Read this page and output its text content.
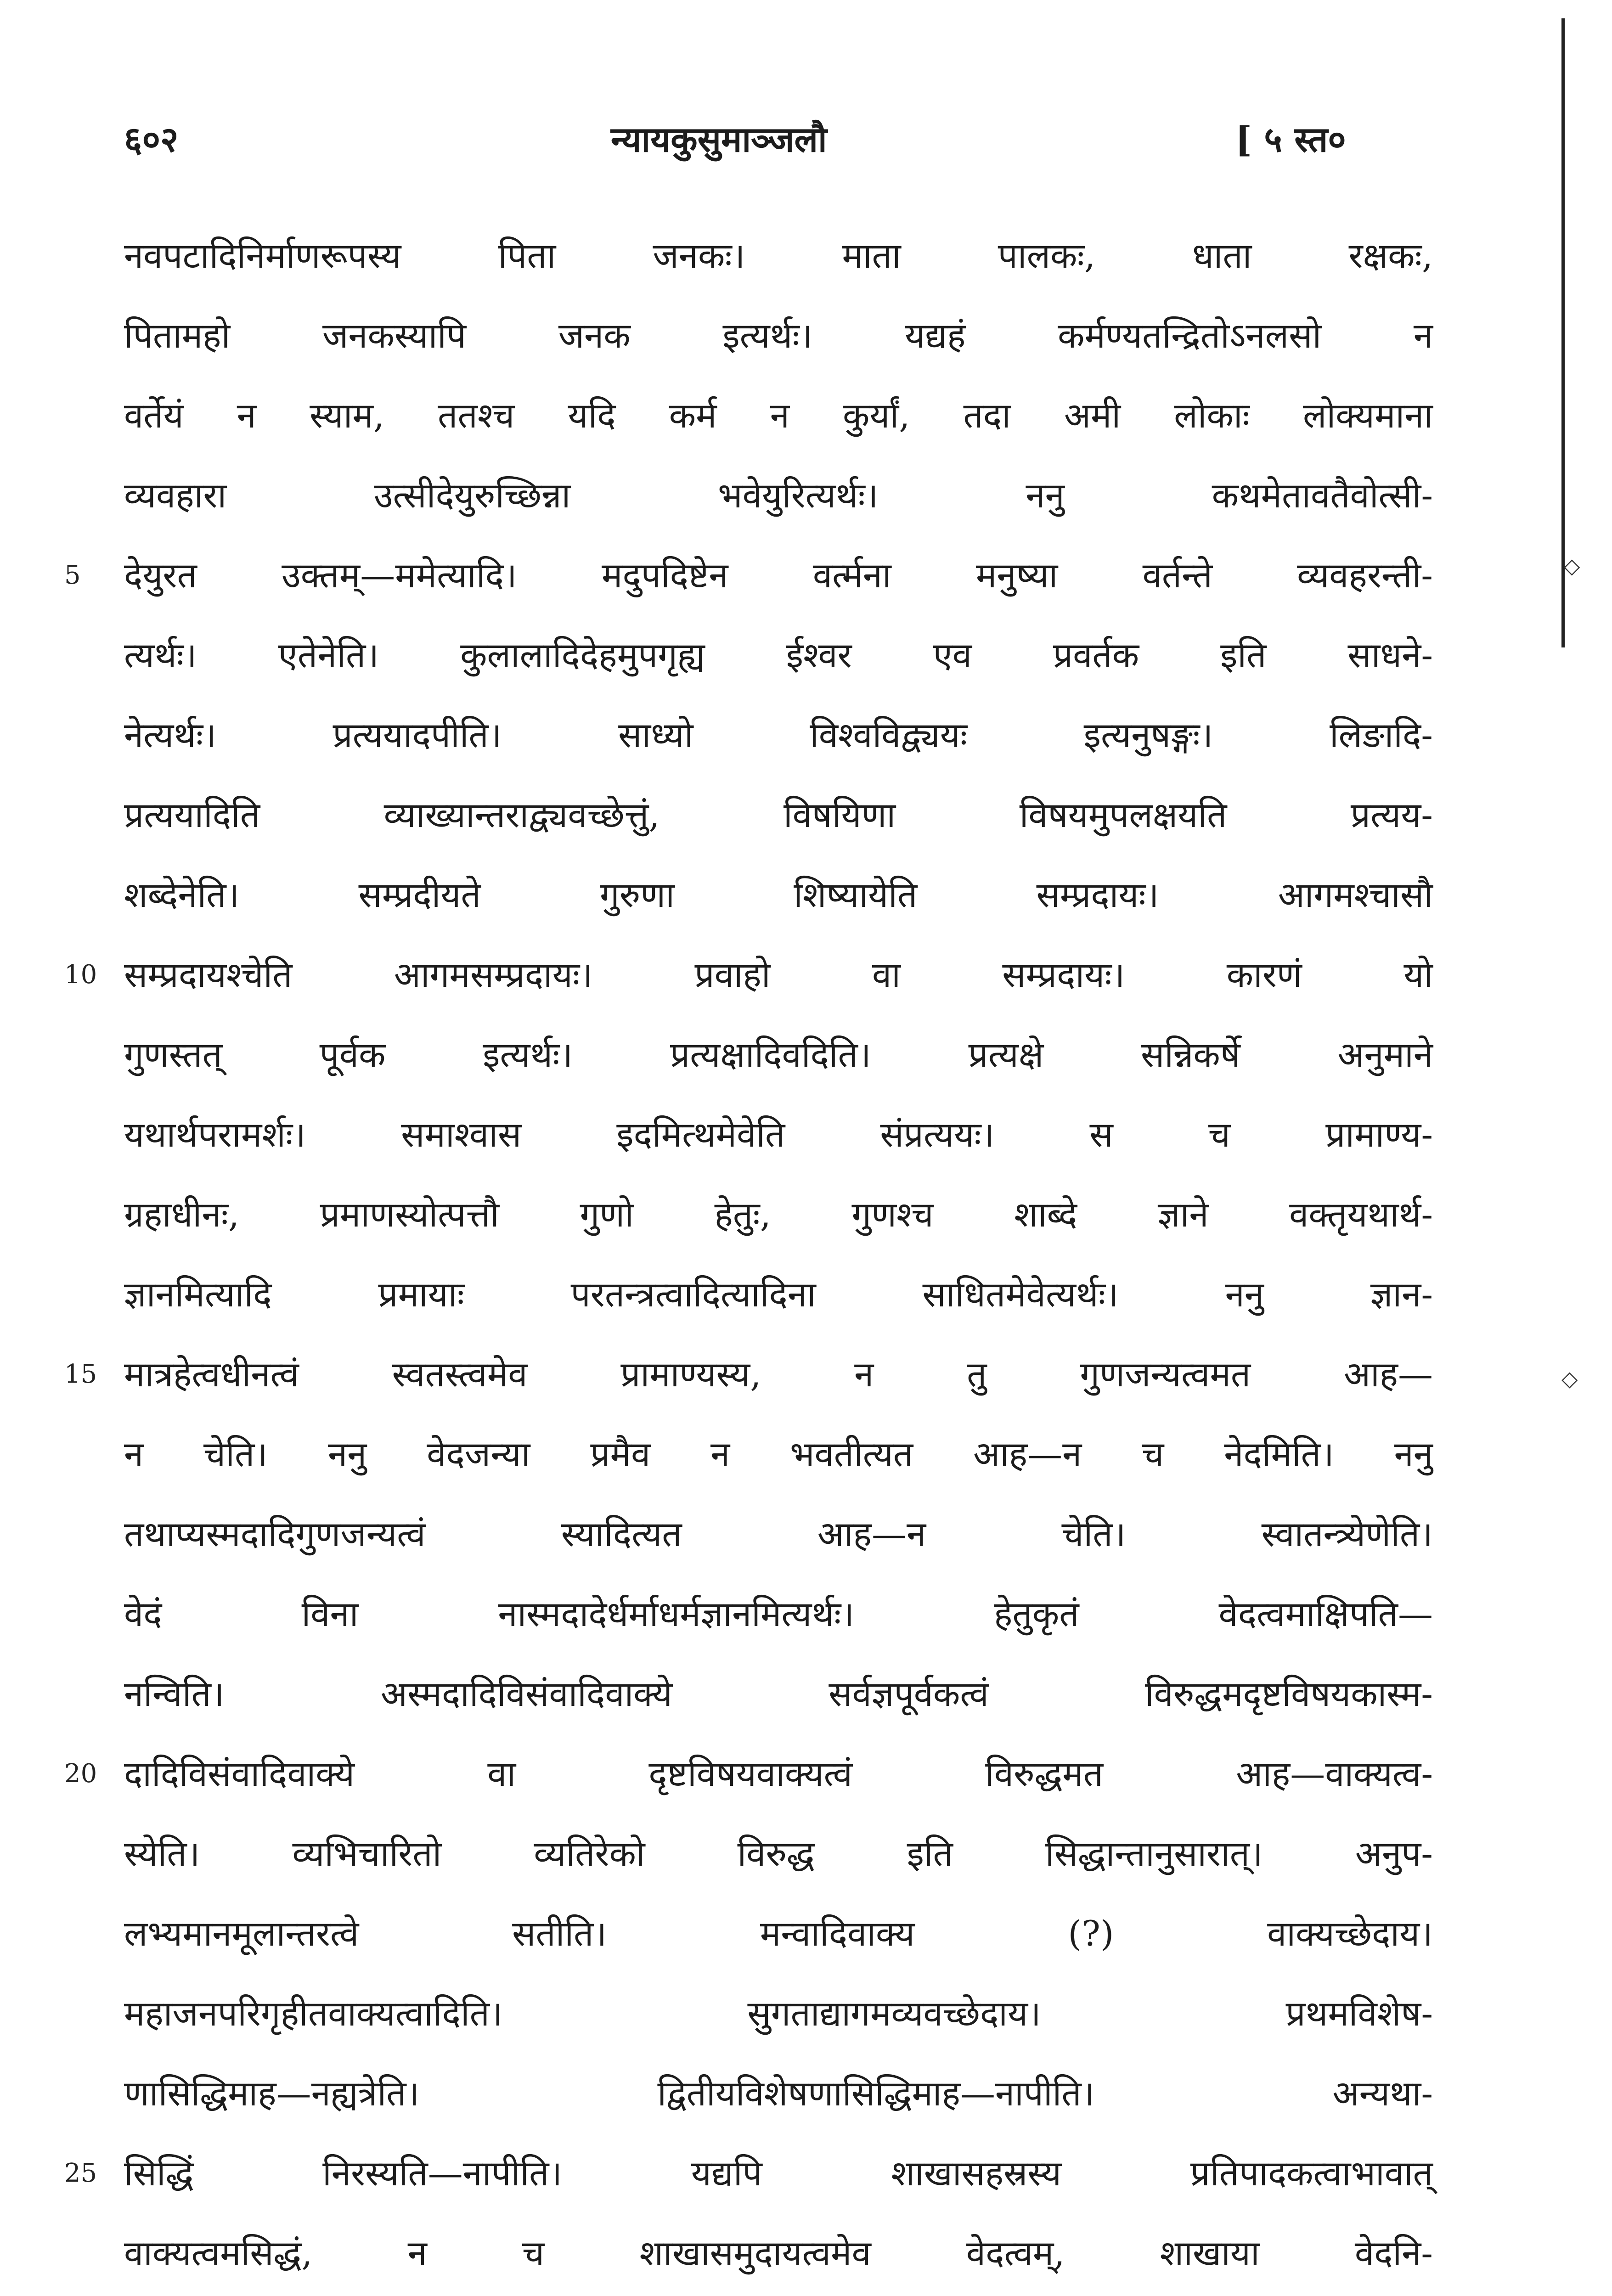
◇
◇
६०२	न्यायकुसुमाञ्जलौ	[ ५ स्त०
नवपटादिनिर्माणरूपस्य पिता जनकः। माता पालकः, धाता रक्षकः,
पितामहो जनकस्यापि जनक इत्यर्थः। यद्यहं कर्मण्यतन्द्रितोऽनलसो न
वर्तेयं न स्याम, ततश्च यदि कर्म न कुर्यां, तदा अमी लोकाः लोक्यमाना
व्यवहारा उत्सीदेयुरुच्छिन्ना भवेयुरित्यर्थः। ननु कथमेतावतैवोत्सी-
5 देयुरत उक्तम्—ममेत्यादि। मदुपदिष्टेन वर्त्मना मनुष्या वर्तन्ते व्यवहरन्ती-
त्यर्थः। एतेनेति। कुलालादिदेहमुपगृह्य ईश्वर एव प्रवर्तक इति साधने-
नेत्यर्थः। प्रत्ययादपीति। साध्यो विश्वविद्व्ययः इत्यनुषङ्गः। लिङादि-
प्रत्ययादिति व्याख्यान्तराद्व्यवच्छेत्तुं, विषयिणा विषयमुपलक्षयति प्रत्यय-
शब्देनेति। सम्प्रदीयते गुरुणा शिष्यायेति सम्प्रदायः। आगमश्चासौ
10 सम्प्रदायश्चेति आगमसम्प्रदायः। प्रवाहो वा सम्प्रदायः। कारणं यो
गुणस्तत् पूर्वक इत्यर्थः। प्रत्यक्षादिवदिति। प्रत्यक्षे सन्निकर्षे अनुमाने
यथार्थपरामर्शः। समाश्वास इदमित्थमेवेति संप्रत्ययः। स च प्रामाण्य-
ग्रहाधीनः, प्रमाणस्योत्पत्तौ गुणो हेतुः, गुणश्च शाब्दे ज्ञाने वक्तृयथार्थ-
ज्ञानमित्यादि प्रमायाः परतन्त्रत्वादित्यादिना साधितमेवेत्यर्थः। ननु ज्ञान-
15 मात्रहेत्वधीनत्वं स्वतस्त्वमेव प्रामाण्यस्य, न तु गुणजन्यत्वमत आह—
न चेति। ननु वेदजन्या प्रमैव न भवतीत्यत आह—न च नेदमिति। ननु
तथाप्यस्मदादिगुणजन्यत्वं स्यादित्यत आह—न चेति। स्वातन्त्र्येणेति।
वेदं विना नास्मदादेर्धर्माधर्मज्ञानमित्यर्थः। हेतुकृतं वेदत्वमाक्षिपति—
नन्विति। अस्मदादिविसंवादिवाक्ये सर्वज्ञपूर्वकत्वं विरुद्धमदृष्टविषयकास्म-
20 दादिविसंवादिवाक्ये वा दृष्टविषयवाक्यत्वं विरुद्धमत आह—वाक्यत्व-
स्येति। व्यभिचारितो व्यतिरेको विरुद्ध इति सिद्धान्तानुसारात्। अनुप-
लभ्यमानमूलान्तरत्वे सतीति। मन्वादिवाक्य (?) वाक्यच्छेदाय।
महाजनपरिगृहीतवाक्यत्वादिति। सुगताद्यागमव्यवच्छेदाय। प्रथमविशेष-
णासिद्धिमाह—नह्यत्रेति। द्वितीयविशेषणासिद्धिमाह—नापीति। अन्यथा-
25 सिद्धिं निरस्यति—नापीति। यद्यपि शाखासहस्रस्य प्रतिपादकत्वाभावात्
वाक्यत्वमसिद्धं, न च शाखासमुदायत्वमेव वेदत्वम्, शाखाया वेदनि-
